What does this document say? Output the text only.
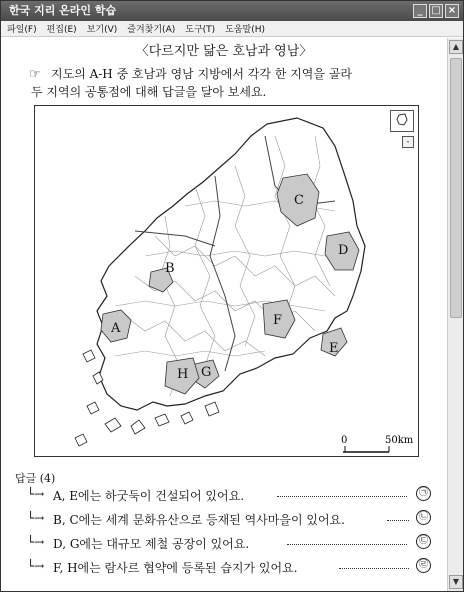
한국 지리 온라인 학습	_ □ ×
파일(F) 편집(E) 보기(V) 즐겨찾기(A) 도구(T) 도움말(H)
〈다르지만 닮은 호남과 영남〉
☞ 지도의 A-H 중 호남과 영남 지방에서 각각 한 지역을 골라
두 지역의 공통점에 대해 답글을 달아 보세요.
A
B
C
D
E
F
G
H
0	50km
-
답글 (4)
└→ A, E에는 하굿둑이 건설되어 있어요.	㉠
└→ B, C에는 세계 문화유산으로 등재된 역사마을이 있어요.	㉡
└→ D, G에는 대규모 제철 공장이 있어요.	㉢
└→ F, H에는 람사르 협약에 등록된 습지가 있어요.	㉣
▲
▼
